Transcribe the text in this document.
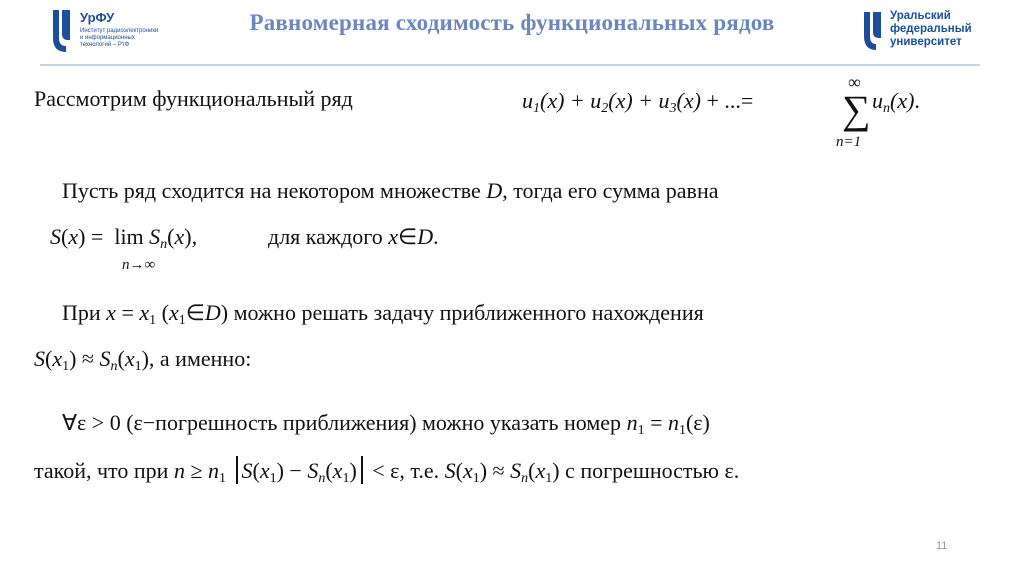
УрФУ
Институт радиоэлектроники и информационных технологий – РтФ
Равномерная сходимость функциональных рядов	Уральский федеральный университет
Рассмотрим функциональный ряд	$u_1(x) + u_2(x) + u_3(x)$ + ...=
∞
∑
n=1
$u_n(x)$.
Пусть ряд сходится на некотором множестве D, тогда его сумма равна
$S(x) = \lim S_n(x)$,
n→∞
для каждого x∈D.
При $x = x_1$ $(x_1\in D)$ можно решать задачу приближенного нахождения
$S(x_1) \approx S_n(x_1)$, а именно:
∀ε > 0 (ε−погрешность приближения) можно указать номер $n_1 = n_1(\varepsilon)$
такой, что при $n \ge n_1$ $S(x_1) - S_n(x_1) < \varepsilon$, т.е. $S(x_1) \approx S_n(x_1)$ с погрешностью ε.
11
